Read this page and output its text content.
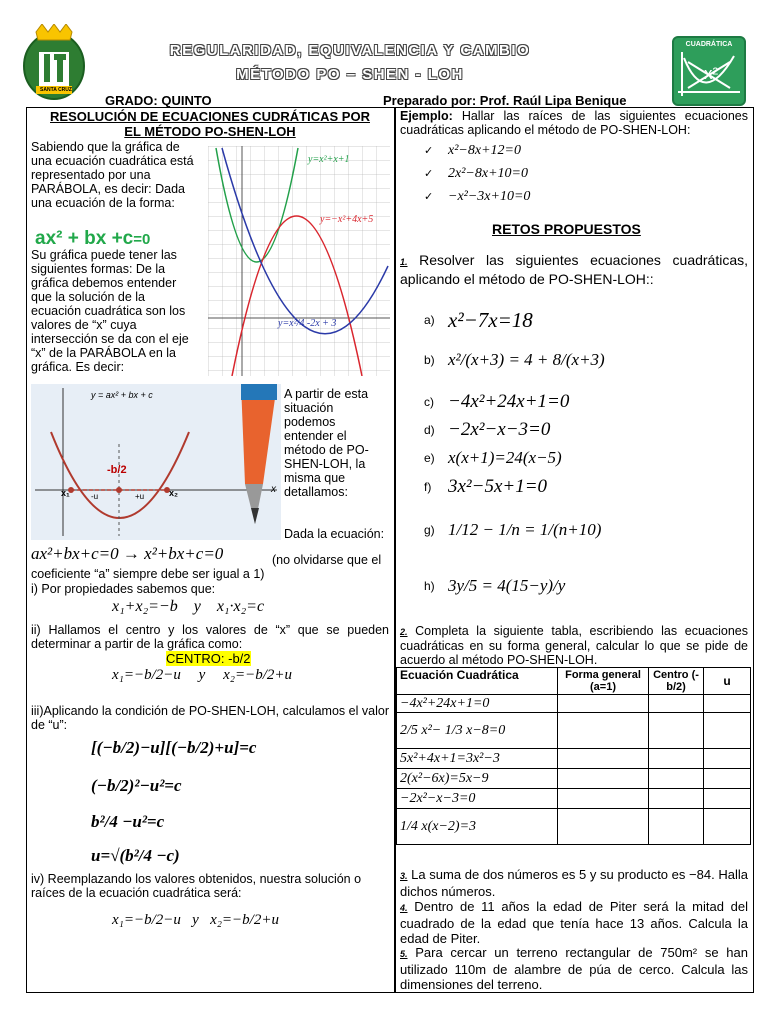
SANTA CRUZ
REGULARIDAD, EQUIVALENCIA Y CAMBIO
MÉTODO PO – SHEN - LOH
CUADRÁTICA
x²
GRADO: QUINTO	Preparado por: Prof. Raúl Lipa Benique
RESOLUCIÓN DE ECUACIONES CUDRÁTICAS POR
EL MÉTODO PO-SHEN-LOH
Sabiendo que la gráfica de una ecuación cuadrática está representado por una PARÁBOLA, es decir: Dada una ecuación de la forma:
ax² + bx +c=0
Su gráfica puede tener las siguientes formas: De la gráfica debemos entender que la solución de la ecuación cuadrática son los valores de “x” cuya intersección se da con el eje “x” de la PARÁBOLA en la gráfica. Es decir:
y=x²+x+1
y=−x²+4x+5
y=x²/4 -2x + 3
y = ax² + bx + c
-b/2
x₁	-u	+u	x₂	x
A partir de esta situación podemos entender el método de PO-SHEN-LOH, la misma que detallamos:
Dada la ecuación:
ax²+bx+c=0 → x²+bx+c=0	(no olvidarse que el coeficiente “a” siempre debe ser igual a 1)
i) Por propiedades sabemos que:
x₁+x₂=−b    y    x₁·x₂=c
ii) Hallamos el centro y los valores de “x” que se pueden determinar a partir de la gráfica como:
CENTRO: -b/2
x₁=−b/2−u y x₂=−b/2+u
iii)Aplicando la condición de PO-SHEN-LOH, calculamos el valor de “u”:
[(−b/2)−u][(−b/2)+u]=c
(−b/2)²−u²=c
b²/4 −u²=c
u=√(b²/4 −c)
iv) Reemplazando los valores obtenidos, nuestra solución o raíces de la ecuación cuadrática será:
x₁=−b/2−u   y   x₂=−b/2+u
Ejemplo: Hallar las raíces de las siguientes ecuaciones cuadráticas aplicando el método de PO-SHEN-LOH:
✓	x²−8x+12=0
✓	2x²−8x+10=0
✓	−x²−3x+10=0
RETOS PROPUESTOS
1. Resolver las siguientes ecuaciones cuadráticas, aplicando el método de PO-SHEN-LOH::
a) x²−7x=18
b) x²/(x+3) = 4 + 8/(x+3)
c) −4x²+24x+1=0
d) −2x²−x−3=0
e) x(x+1)=24(x−5)
f) 3x²−5x+1=0
g) 1/12 − 1/n = 1/(n+10)
h) 3y/5 = 4(15−y)/y
2. Completa la siguiente tabla, escribiendo las ecuaciones cuadráticas en su forma general, calcular lo que se pide de acuerdo al método PO-SHEN-LOH.
Ecuación Cuadrática	Forma general (a=1)	Centro (-b/2)	u
−4x²+24x+1=0			
2/5 x²− 1/3 x−8=0			
5x²+4x+1=3x²−3			
2(x²−6x)=5x−9			
−2x²−x−3=0			
1/4 x(x−2)=3			
3. La suma de dos números es 5 y su producto es −84. Halla dichos números.
4. Dentro de 11 años la edad de Piter será la mitad del cuadrado de la edad que tenía hace 13 años. Calcula la edad de Piter.
5. Para cercar un terreno rectangular de 750m² se han utilizado 110m de alambre de púa de cerco. Calcula las dimensiones del terreno.
